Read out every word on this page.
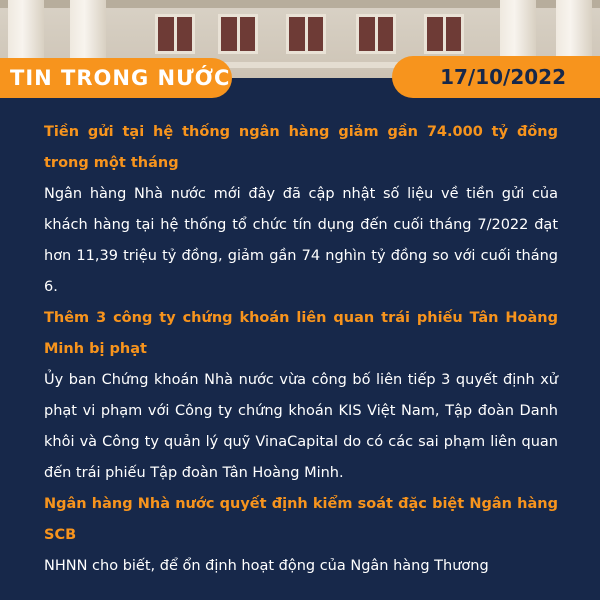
TIN TRONG NƯỚC	17/10/2022

Tiền gửi tại hệ thống ngân hàng giảm gần 74.000 tỷ đồng trong một tháng

Ngân hàng Nhà nước mới đây đã cập nhật số liệu về tiền gửi của khách hàng tại hệ thống tổ chức tín dụng đến cuối tháng 7/2022 đạt hơn 11,39 triệu tỷ đồng, giảm gần 74 nghìn tỷ đồng so với cuối tháng 6.

Thêm 3 công ty chứng khoán liên quan trái phiếu Tân Hoàng Minh bị phạt

Ủy ban Chứng khoán Nhà nước vừa công bố liên tiếp 3 quyết định xử phạt vi phạm với Công ty chứng khoán KIS Việt Nam, Tập đoàn Danh khôi và Công ty quản lý quỹ VinaCapital do có các sai phạm liên quan đến trái phiếu Tập đoàn Tân Hoàng Minh.

Ngân hàng Nhà nước quyết định kiểm soát đặc biệt Ngân hàng SCB

NHNN cho biết, để ổn định hoạt động của Ngân hàng Thương
